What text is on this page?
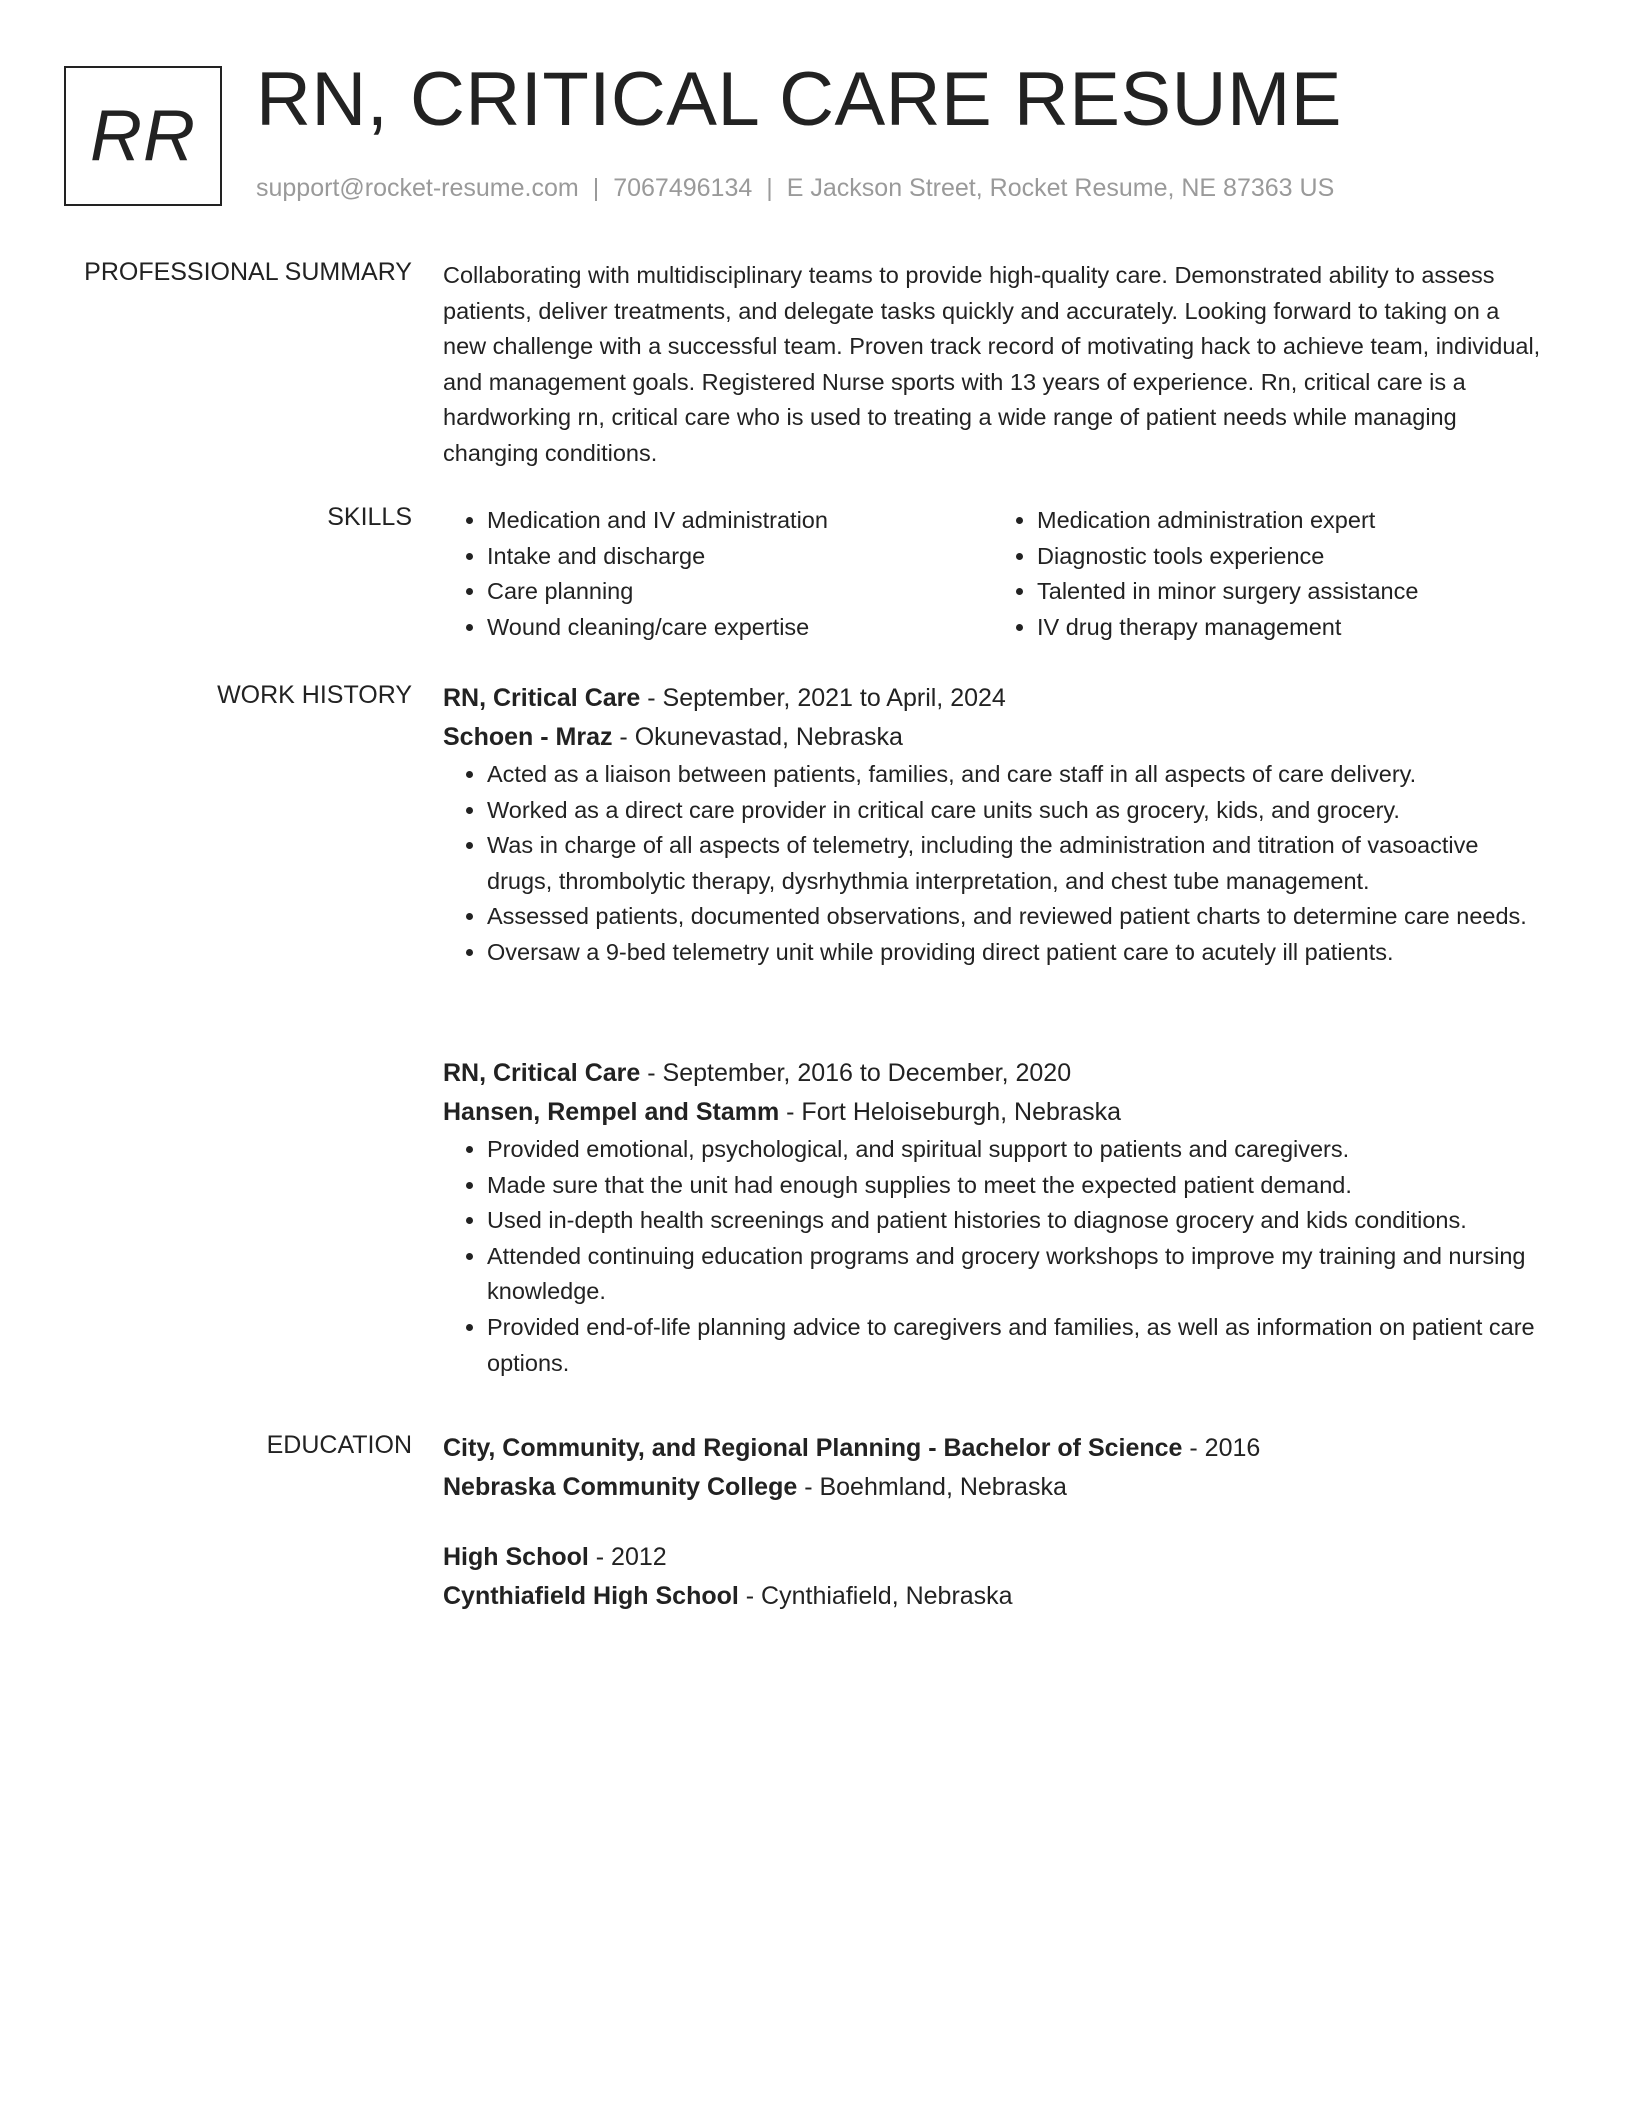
RR RN, CRITICAL CARE RESUME
support@rocket-resume.com | 7067496134 | E Jackson Street, Rocket Resume, NE 87363 US
PROFESSIONAL SUMMARY Collaborating with multidisciplinary teams to provide high-quality care. Demonstrated ability to assess patients, deliver treatments, and delegate tasks quickly and accurately. Looking forward to taking on a new challenge with a successful team. Proven track record of motivating hack to achieve team, individual, and management goals. Registered Nurse sports with 13 years of experience. Rn, critical care is a hardworking rn, critical care who is used to treating a wide range of patient needs while managing changing conditions.

SKILLS
•	Medication and IV administration
• Intake and discharge
• Care planning
• Wound cleaning/care expertise
• Medication administration expert
• Diagnostic tools experience
• Talented in minor surgery assistance
• IV drug therapy management
WORK HISTORY RN, Critical Care - September, 2021 to April, 2024
Schoen - Mraz - Okunevastad, Nebraska
• Acted as a liaison between patients, families, and care staff in all aspects of care delivery.
• Worked as a direct care provider in critical care units such as grocery, kids, and grocery.
• Was in charge of all aspects of telemetry, including the administration and titration of vasoactive drugs, thrombolytic therapy, dysrhythmia interpretation, and chest tube management.
• Assessed patients, documented observations, and reviewed patient charts to determine care needs.
• Oversaw a 9-bed telemetry unit while providing direct patient care to acutely ill patients.
RN, Critical Care - September, 2016 to December, 2020
Hansen, Rempel and Stamm - Fort Heloiseburgh, Nebraska
• Provided emotional, psychological, and spiritual support to patients and caregivers.
• Made sure that the unit had enough supplies to meet the expected patient demand.
• Used in-depth health screenings and patient histories to diagnose grocery and kids conditions.
• Attended continuing education programs and grocery workshops to improve my training and nursing knowledge.
• Provided end-of-life planning advice to caregivers and families, as well as information on patient care options.
EDUCATION City, Community, and Regional Planning - Bachelor of Science - 2016
Nebraska Community College - Boehmland, Nebraska
High School - 2012
Cynthiafield High School - Cynthiafield, Nebraska
